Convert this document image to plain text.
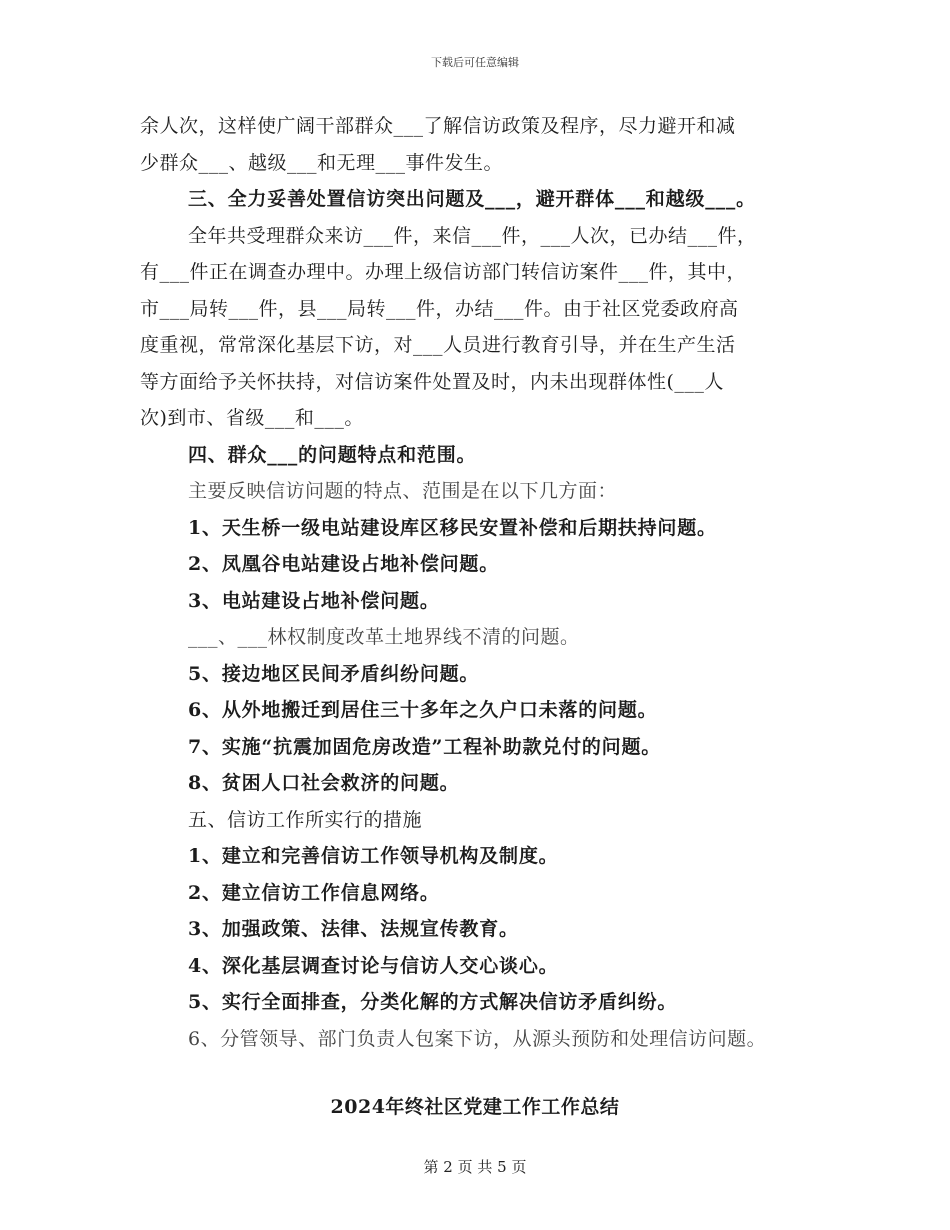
下载后可任意编辑
余人次，这样使广阔干部群众___了解信访政策及程序，尽力避开和减
少群众___、越级___和无理___事件发生。
三、全力妥善处置信访突出问题及___，避开群体___和越级___。
全年共受理群众来访___件，来信___件，___人次，已办结___件，
有___件正在调查办理中。办理上级信访部门转信访案件___件，其中，
市___局转___件，县___局转___件，办结___件。由于社区党委政府高
度重视，常常深化基层下访，对___人员进行教育引导，并在生产生活
等方面给予关怀扶持，对信访案件处置及时，内未出现群体性(___人
次)到市、省级___和___。
四、群众___的问题特点和范围。
主要反映信访问题的特点、范围是在以下几方面：
1、天生桥一级电站建设库区移民安置补偿和后期扶持问题。
2、凤凰谷电站建设占地补偿问题。
3、电站建设占地补偿问题。
___、___林权制度改革土地界线不清的问题。
5、接边地区民间矛盾纠纷问题。
6、从外地搬迁到居住三十多年之久户口未落的问题。
7、实施“抗震加固危房改造”工程补助款兑付的问题。
8、贫困人口社会救济的问题。
五、信访工作所实行的措施
1、建立和完善信访工作领导机构及制度。
2、建立信访工作信息网络。
3、加强政策、法律、法规宣传教育。
4、深化基层调查讨论与信访人交心谈心。
5、实行全面排查，分类化解的方式解决信访矛盾纠纷。
6、分管领导、部门负责人包案下访，从源头预防和处理信访问题。
2024年终社区党建工作工作总结
第 2 页 共 5 页
